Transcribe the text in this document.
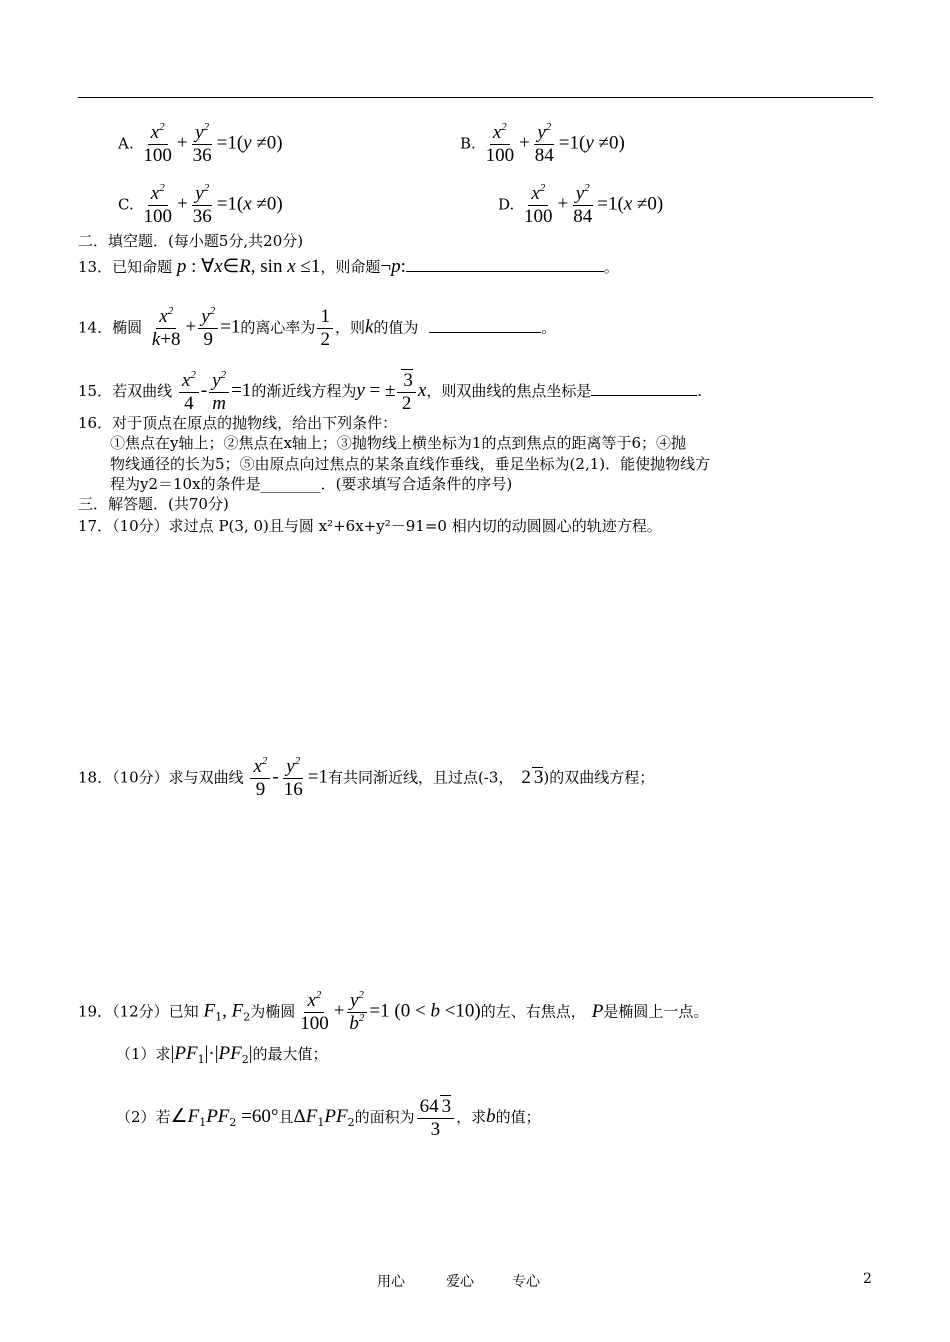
A. $\frac{x^2}{100} + \frac{y^2}{36} =1(y \ne 0)$	B. $\frac{x^2}{100} + \frac{y^2}{84} =1(y \ne 0)$
C. $\frac{x^2}{100} + \frac{y^2}{36} =1(x \ne 0)$	D. $\frac{x^2}{100} + \frac{y^2}{84} =1(x \ne 0)$
二．填空题．(每小题5分,共20分)
13．已知命题 p : ∀x∈R, sin x ≤1，则命题¬p:	。
14．椭圆 $\frac{x^2}{k+8} + \frac{y^2}{9} =1$的离心率为 $\frac{1}{2}$ ，则k的值为	。
15．若双曲线 $\frac{x^2}{4} - \frac{y^2}{m} =1$的渐近线方程为y = ± $\frac{3}{2}$ x，则双曲线的焦点坐标是	.
16．对于顶点在原点的抛物线，给出下列条件：
①焦点在y轴上；②焦点在x轴上；③抛物线上横坐标为1的点到焦点的距离等于6；④抛
物线通径的长为5；⑤由原点向过焦点的某条直线作垂线，垂足坐标为(2,1)．能使抛物线方
程为y2＝10x的条件是________．(要求填写合适条件的序号)
三．解答题．(共70分)
17．（10分）求过点 P(3, 0)且与圆 x²+6x+y²－91=0 相内切的动圆圆心的轨迹方程。
18．（10分）求与双曲线 $\frac{x^2}{9} - \frac{y^2}{16} =1$有共同渐近线，且过点(-3， 2 3)的双曲线方程；
19．（12分）已知 $F_1$, $F_2$为椭圆 $\frac{x^2}{100} + \frac{y^2}{b^2} =1$ (0 < b <10)的左、右焦点， P是椭圆上一点。
（1）求$|PF_1|\cdot|PF_2|$的最大值；
（2）若$\angle F_1PF_2 =60^\circ$且$\Delta F_1PF_2$的面积为 $\frac{64 3}{3}$ ，求b的值；
用心	爱心	专心	2
